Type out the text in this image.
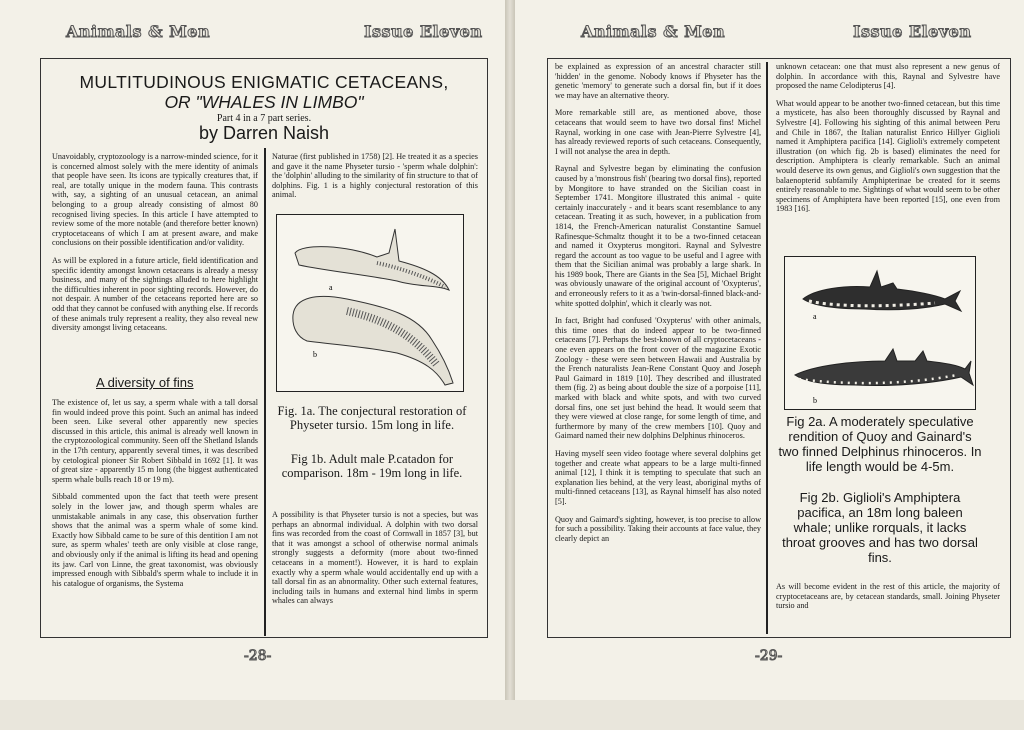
Animals & Men	Issue Eleven
MULTITUDINOUS ENIGMATIC CETACEANS,
OR "WHALES IN LIMBO"
Part 4 in a 7 part series.
by Darren Naish

Unavoidably, cryptozoology is a narrow-minded science, for it is concerned almost solely with the mere identity of animals that people have seen. Its icons are typically creatures that, if real, are totally unique in the modern fauna. This contrasts with, say, a sighting of an unusual cetacean, an animal belonging to a group already consisting of almost 80 recognised living species. In this article I have attempted to review some of the more notable (and therefore better known) cryptocetaceans of which I am at present aware, and make conclusions on their possible identification and/or validity.

As will be explored in a future article, field identification and specific identity amongst known cetaceans is already a messy business, and many of the sightings alluded to here highlight the difficulties inherent in poor sighting records. However, do not despair. A number of the cetaceans reported here are so odd that they cannot be confused with anything else. If records of these animals truly represent a reality, they also reveal new diversity amongst living cetaceans.

A diversity of fins

The existence of, let us say, a sperm whale with a tall dorsal fin would indeed prove this point. Such an animal has indeed been seen. Like several other apparently new species discussed in this article, this animal is already well known in the cryptozoological community. Seen off the Shetland Islands in the 17th century, apparently several times, it was described by cetological pioneer Sir Robert Sibbald in 1692 [1]. It was of great size - apparently 15 m long (the biggest authenticated sperm whale bulls reach 18 or 19 m).

Sibbald commented upon the fact that teeth were present solely in the lower jaw, and though sperm whales are unmistakable animals in any case, this observation further shows that the animal was a sperm whale of some kind. Exactly how Sibbald came to be sure of this dentition I am not sure, as sperm whales' teeth are only visible at close range, and obviously only if the animal is lifting its head and opening its jaw. Carl von Linne, the great taxonomist, was obviously impressed enough with Sibbald's sperm whale to include it in his catalogue of organisms, the Systema

Naturae (first published in 1758) [2]. He treated it as a species and gave it the name Physeter tursio - 'sperm whale dolphin': the 'dolphin' alluding to the similarity of fin structure to that of dolphins. Fig. 1 is a highly conjectural restoration of this animal.

a
b
Fig. 1a. The conjectural restoration of Physeter tursio. 15m long in life.
Fig 1b. Adult male P.catadon for comparison. 18m - 19m long in life.

A possibility is that Physeter tursio is not a species, but was perhaps an abnormal individual. A dolphin with two dorsal fins was recorded from the coast of Cornwall in 1857 [3], but that it was amongst a school of otherwise normal animals strongly suggests a deformity (more about two-finned cetaceans in a moment!). However, it is hard to explain exactly why a sperm whale would accidentally end up with a tall dorsal fin as an abnormality. Other such external features, including tails in humans and external hind limbs in sperm whales can always

-28-
Animals & Men	Issue Eleven

be explained as expression of an ancestral character still 'hidden' in the genome. Nobody knows if Physeter has the genetic 'memory' to generate such a dorsal fin, but if it does we may have an alternative theory.

More remarkable still are, as mentioned above, those cetaceans that would seem to have two dorsal fins! Michel Raynal, working in one case with Jean-Pierre Sylvestre [4], has already reviewed reports of such cetaceans. Consequently, I will not analyse the area in depth.

Raynal and Sylvestre began by eliminating the confusion caused by a 'monstrous fish' (bearing two dorsal fins), reported by Mongitore to have stranded on the Sicilian coast in September 1741. Mongitore illustrated this animal - quite certainly inaccurately - and it bears scant resemblance to any cetacean. Treating it as such, however, in a publication from 1814, the French-American naturalist Constantine Samuel Rafinesque-Schmaltz thought it to be a two-finned cetacean and named it Oxypterus mongitori. Raynal and Sylvestre regard the account as too vague to be useful and I agree with them that the Sicilian animal was probably a large shark. In his 1989 book, There are Giants in the Sea [5], Michael Bright was obviously unaware of the original account of 'Oxypterus', and erroneously refers to it as a 'twin-dorsal-finned black-and-white spotted dolphin', which it clearly was not.

In fact, Bright had confused 'Oxypterus' with other animals, this time ones that do indeed appear to be two-finned cetaceans [7]. Perhaps the best-known of all cryptocetaceans - one even appears on the front cover of the magazine Exotic Zoology - these were seen between Hawaii and Australia by the French naturalists Jean-Rene Constant Quoy and Joseph Paul Gaimard in 1819 [10]. They described and illustrated them (fig. 2) as being about double the size of a porpoise [11], marked with black and white spots, and with two curved dorsal fins, one set just behind the head. It would seem that they were viewed at close range, for some length of time, and furthermore by many of the crew members [10]. Quoy and Gaimard named their new dolphins Delphinus rhinoceros.

Having myself seen video footage where several dolphins get together and create what appears to be a large multi-finned animal [12], I think it is tempting to speculate that such an explanation lies behind, at the very least, aboriginal myths of multi-finned cetaceans [13], as Raynal himself has also noted [5].

Quoy and Gaimard's sighting, however, is too precise to allow for such a possibility. Taking their accounts at face value, they clearly depict an

unknown cetacean: one that must also represent a new genus of dolphin. In accordance with this, Raynal and Sylvestre have proposed the name Celodipterus [4].

What would appear to be another two-finned cetacean, but this time a mysticete, has also been thoroughly discussed by Raynal and Sylvestre [4]. Following his sighting of this animal between Peru and Chile in 1867, the Italian naturalist Enrico Hillyer Giglioli named it Amphiptera pacifica [14]. Giglioli's extremely competent illustration (on which fig. 2b is based) eliminates the need for description. Amphiptera is clearly remarkable. Such an animal would deserve its own genus, and Giglioli's own suggestion that the balaenopterid subfamily Amphipterinae be created for it seems entirely reasonable to me. Sightings of what would seem to be other specimens of Amphiptera have been reported [15], one even from 1983 [16].

a
b
Fig 2a. A moderately speculative rendition of Quoy and Gainard's two finned Delphinus rhinoceros. In life length would be 4-5m.
Fig 2b. Giglioli's Amphiptera pacifica, an 18m long baleen whale; unlike rorquals, it lacks throat grooves and has two dorsal fins.

As will become evident in the rest of this article, the majority of cryptocetaceans are, by cetacean standards, small. Joining Physeter tursio and

-29-
